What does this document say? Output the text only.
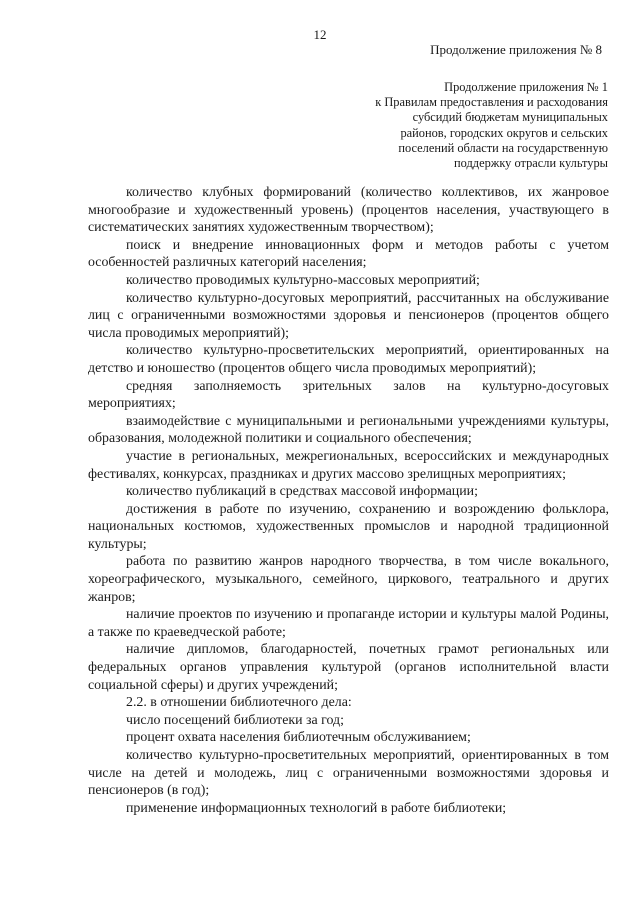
12
Продолжение приложения № 8
Продолжение приложения № 1
к Правилам предоставления и расходования
субсидий бюджетам муниципальных
районов, городских округов и сельских
поселений области на государственную
поддержку отрасли культуры

количество клубных формирований (количество коллективов, их жанровое многообразие и художественный уровень) (процентов населения, участвующего в систематических занятиях художественным творчеством);

поиск и внедрение инновационных форм и методов работы с учетом особенностей различных категорий населения;

количество проводимых культурно-массовых мероприятий;

количество культурно-досуговых мероприятий, рассчитанных на обслуживание лиц с ограниченными возможностями здоровья и пенсионеров (процентов общего числа проводимых мероприятий);

количество культурно-просветительских мероприятий, ориентированных на детство и юношество (процентов общего числа проводимых мероприятий);

средняя заполняемость зрительных залов на культурно-досуговых мероприятиях;

взаимодействие с муниципальными и региональными учреждениями культуры, образования, молодежной политики и социального обеспечения;

участие в региональных, межрегиональных, всероссийских и международных фестивалях, конкурсах, праздниках и других массово зрелищных мероприятиях;

количество публикаций в средствах массовой информации;

достижения в работе по изучению, сохранению и возрождению фольклора, национальных костюмов, художественных промыслов и народной традиционной культуры;

работа по развитию жанров народного творчества, в том числе вокального, хореографического, музыкального, семейного, циркового, театрального и других жанров;

наличие проектов по изучению и пропаганде истории и культуры малой Родины, а также по краеведческой работе;

наличие дипломов, благодарностей, почетных грамот региональных или федеральных органов управления культурой (органов исполнительной власти социальной сферы) и других учреждений;

2.2. в отношении библиотечного дела:

число посещений библиотеки за год;

процент охвата населения библиотечным обслуживанием;

количество культурно-просветительных мероприятий, ориентированных в том числе на детей и молодежь, лиц с ограниченными возможностями здоровья и пенсионеров (в год);

применение информационных технологий в работе библиотеки;
